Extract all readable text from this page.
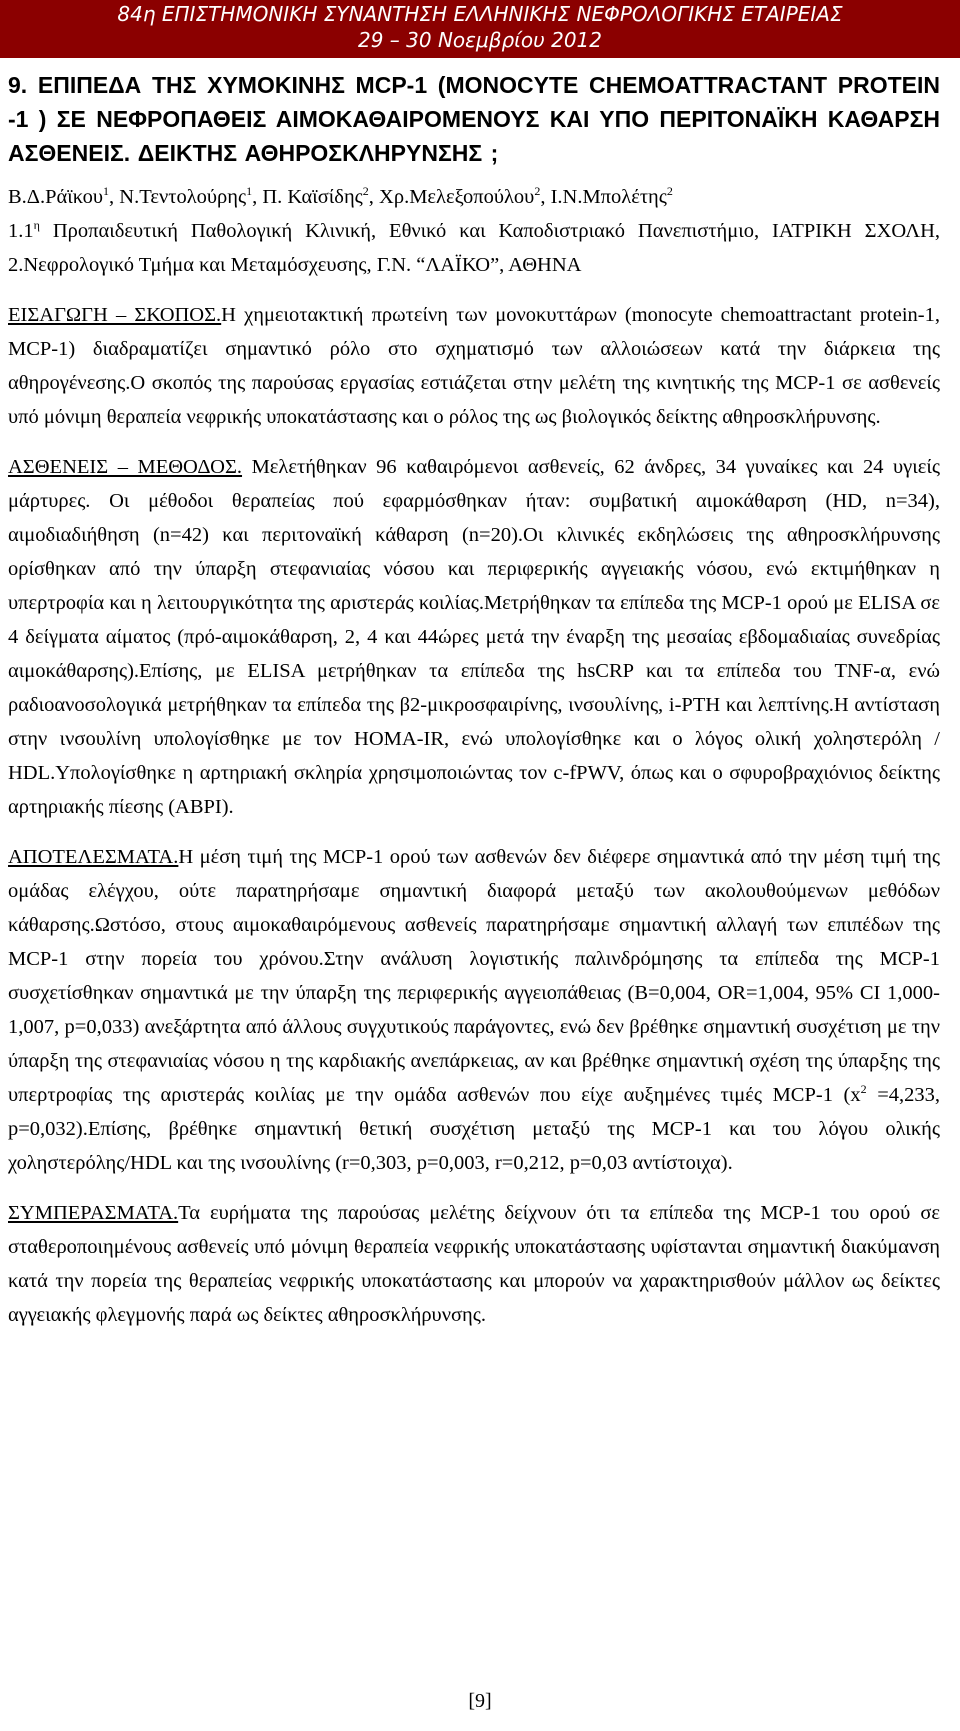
84η ΕΠΙΣΤΗΜΟΝΙΚΗ ΣΥΝΑΝΤΗΣΗ ΕΛΛΗΝΙΚΗΣ ΝΕΦΡΟΛΟΓΙΚΗΣ ΕΤΑΙΡΕΙΑΣ
29 – 30 Νοεμβρίου 2012

9. ΕΠΙΠΕΔΑ ΤΗΣ ΧΥΜΟΚΙΝΗΣ MCP-1 (MONOCYTE CHEMOATTRACTANT PROTEIN -1 ) ΣΕ ΝΕΦΡΟΠΑΘΕΙΣ ΑΙΜΟΚΑΘΑΙΡΟΜΕΝΟΥΣ ΚΑΙ ΥΠΟ ΠΕΡΙΤΟΝΑΪΚΗ ΚΑΘΑΡΣΗ ΑΣΘΕΝΕΙΣ. ΔΕΙΚΤΗΣ ΑΘΗΡΟΣΚΛΗΡΥΝΣΗΣ ;

Β.Δ.Ράϊκου$^1$, Ν.Τεντολούρης$^1$, Π. Καϊσίδης$^2$, Χρ.Μελεξοπούλου$^2$, Ι.Ν.Μπολέτης$^2$

$1.1^\eta$ Προπαιδευτική Παθολογική Κλινική, Εθνικό και Καποδιστριακό Πανεπιστήμιο, ΙΑΤΡΙΚΗ ΣΧΟΛΗ, 2.Νεφρολογικό Τμήμα και Μεταμόσχευσης, Γ.Ν. “ΛΑΪΚΟ”, ΑΘΗΝΑ

ΕΙΣΑΓΩΓΗ – ΣΚΟΠΟΣ.Η χημειοτακτική πρωτείνη των μονοκυττάρων (monocyte chemoattractant protein-1, MCP-1) διαδραματίζει σημαντικό ρόλο στο σχηματισμό των αλλοιώσεων κατά την διάρκεια της αθηρογένεσης.Ο σκοπός της παρούσας εργασίας εστιάζεται στην μελέτη της κινητικής της MCP-1 σε ασθενείς υπό μόνιμη θεραπεία νεφρικής υποκατάστασης και ο ρόλος της ως βιολογικός δείκτης αθηροσκλήρυνσης.

ΑΣΘΕΝΕΙΣ – ΜΕΘΟΔΟΣ. Μελετήθηκαν 96 καθαιρόμενοι ασθενείς, 62 άνδρες, 34 γυναίκες και 24 υγιείς μάρτυρες. Οι μέθοδοι θεραπείας πού εφαρμόσθηκαν ήταν: συμβατική αιμοκάθαρση (HD, n=34), αιμοδιαδιήθηση (n=42) και περιτοναϊκή κάθαρση (n=20).Οι κλινικές εκδηλώσεις της αθηροσκλήρυνσης ορίσθηκαν από την ύπαρξη στεφανιαίας νόσου και περιφερικής αγγειακής νόσου, ενώ εκτιμήθηκαν η υπερτροφία και η λειτουργικότητα της αριστεράς κοιλίας.Μετρήθηκαν τα επίπεδα της MCP-1 ορού με ELISA σε 4 δείγματα αίματος (πρό-αιμοκάθαρση, 2, 4 και 44ώρες μετά την έναρξη της μεσαίας εβδομαδιαίας συνεδρίας αιμοκάθαρσης).Επίσης, με ELISA μετρήθηκαν τα επίπεδα της hsCRP και τα επίπεδα του TNF-α, ενώ ραδιοανοσολογικά μετρήθηκαν τα επίπεδα της β2-μικροσφαιρίνης, ινσουλίνης, i-PTH και λεπτίνης.Η αντίσταση στην ινσουλίνη υπολογίσθηκε με τον HOMA-IR, ενώ υπολογίσθηκε και ο λόγος ολική χοληστερόλη / HDL.Υπολογίσθηκε η αρτηριακή σκληρία χρησιμοποιώντας τον c-fPWV, όπως και ο σφυροβραχιόνιος δείκτης αρτηριακής πίεσης (ABPI).

ΑΠΟΤΕΛΕΣΜΑΤΑ.Η μέση τιμή της MCP-1 ορού των ασθενών δεν διέφερε σημαντικά από την μέση τιμή της ομάδας ελέγχου, ούτε παρατηρήσαμε σημαντική διαφορά μεταξύ των ακολουθούμενων μεθόδων κάθαρσης.Ωστόσο, στους αιμοκαθαιρόμενους ασθενείς παρατηρήσαμε σημαντική αλλαγή των επιπέδων της MCP-1 στην πορεία του χρόνου.Στην ανάλυση λογιστικής παλινδρόμησης τα επίπεδα της MCP-1 συσχετίσθηκαν σημαντικά με την ύπαρξη της περιφερικής αγγειοπάθειας (B=0,004, OR=1,004, 95% CI 1,000-1,007, p=0,033) ανεξάρτητα από άλλους συγχυτικούς παράγοντες, ενώ δεν βρέθηκε σημαντική συσχέτιση με την ύπαρξη της στεφανιαίας νόσου η της καρδιακής ανεπάρκειας, αν και βρέθηκε σημαντική σχέση της ύπαρξης της υπερτροφίας της αριστεράς κοιλίας με την ομάδα ασθενών που είχε αυξημένες τιμές MCP-1 ($x^2 =4,233$, p=0,032).Επίσης, βρέθηκε σημαντική θετική συσχέτιση μεταξύ της MCP-1 και του λόγου ολικής χοληστερόλης/HDL και της ινσουλίνης (r=0,303, p=0,003, r=0,212, p=0,03 αντίστοιχα).

ΣΥΜΠΕΡΑΣΜΑΤΑ.Τα ευρήματα της παρούσας μελέτης δείχνουν ότι τα επίπεδα της MCP-1 του ορού σε σταθεροποιημένους ασθενείς υπό μόνιμη θεραπεία νεφρικής υποκατάστασης υφίστανται σημαντική διακύμανση κατά την πορεία της θεραπείας νεφρικής υποκατάστασης και μπορούν να χαρακτηρισθούν μάλλον ως δείκτες αγγειακής φλεγμονής παρά ως δείκτες αθηροσκλήρυνσης.

[9]
